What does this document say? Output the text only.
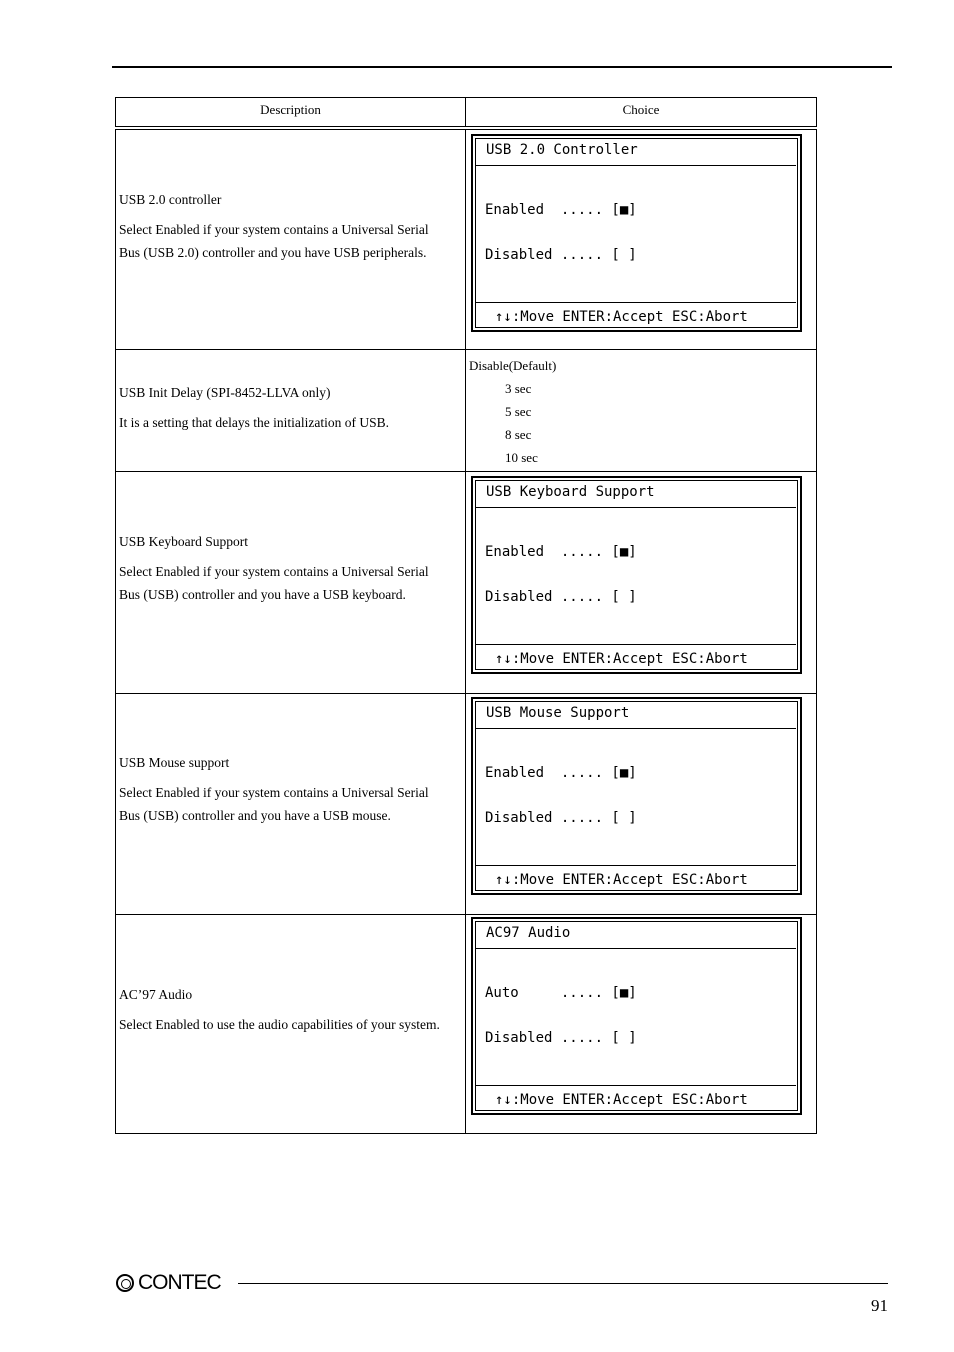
Description	Choice

USB 2.0 controller

Select Enabled if your system contains a Universal Serial Bus (USB 2.0) controller and you have USB peripherals.

USB 2.0 Controller

Enabled  ..... [■]

Disabled ..... [ ]

↑↓:Move ENTER:Accept ESC:Abort

USB Init Delay (SPI-8452-LLVA only)

It is a setting that delays the initialization of USB.

Disable(Default)
3 sec
5 sec
8 sec
10 sec

USB Keyboard Support

Select Enabled if your system contains a Universal Serial Bus (USB) controller and you have a USB keyboard.

USB Keyboard Support

Enabled  ..... [■]

Disabled ..... [ ]

↑↓:Move ENTER:Accept ESC:Abort

USB Mouse support

Select Enabled if your system contains a Universal Serial Bus (USB) controller and you have a USB mouse.

USB Mouse Support

Enabled  ..... [■]

Disabled ..... [ ]

↑↓:Move ENTER:Accept ESC:Abort

AC’97 Audio

Select Enabled to use the audio capabilities of your system.

AC97 Audio

Auto     ..... [■]

Disabled ..... [ ]

↑↓:Move ENTER:Accept ESC:Abort
CONTEC
91
